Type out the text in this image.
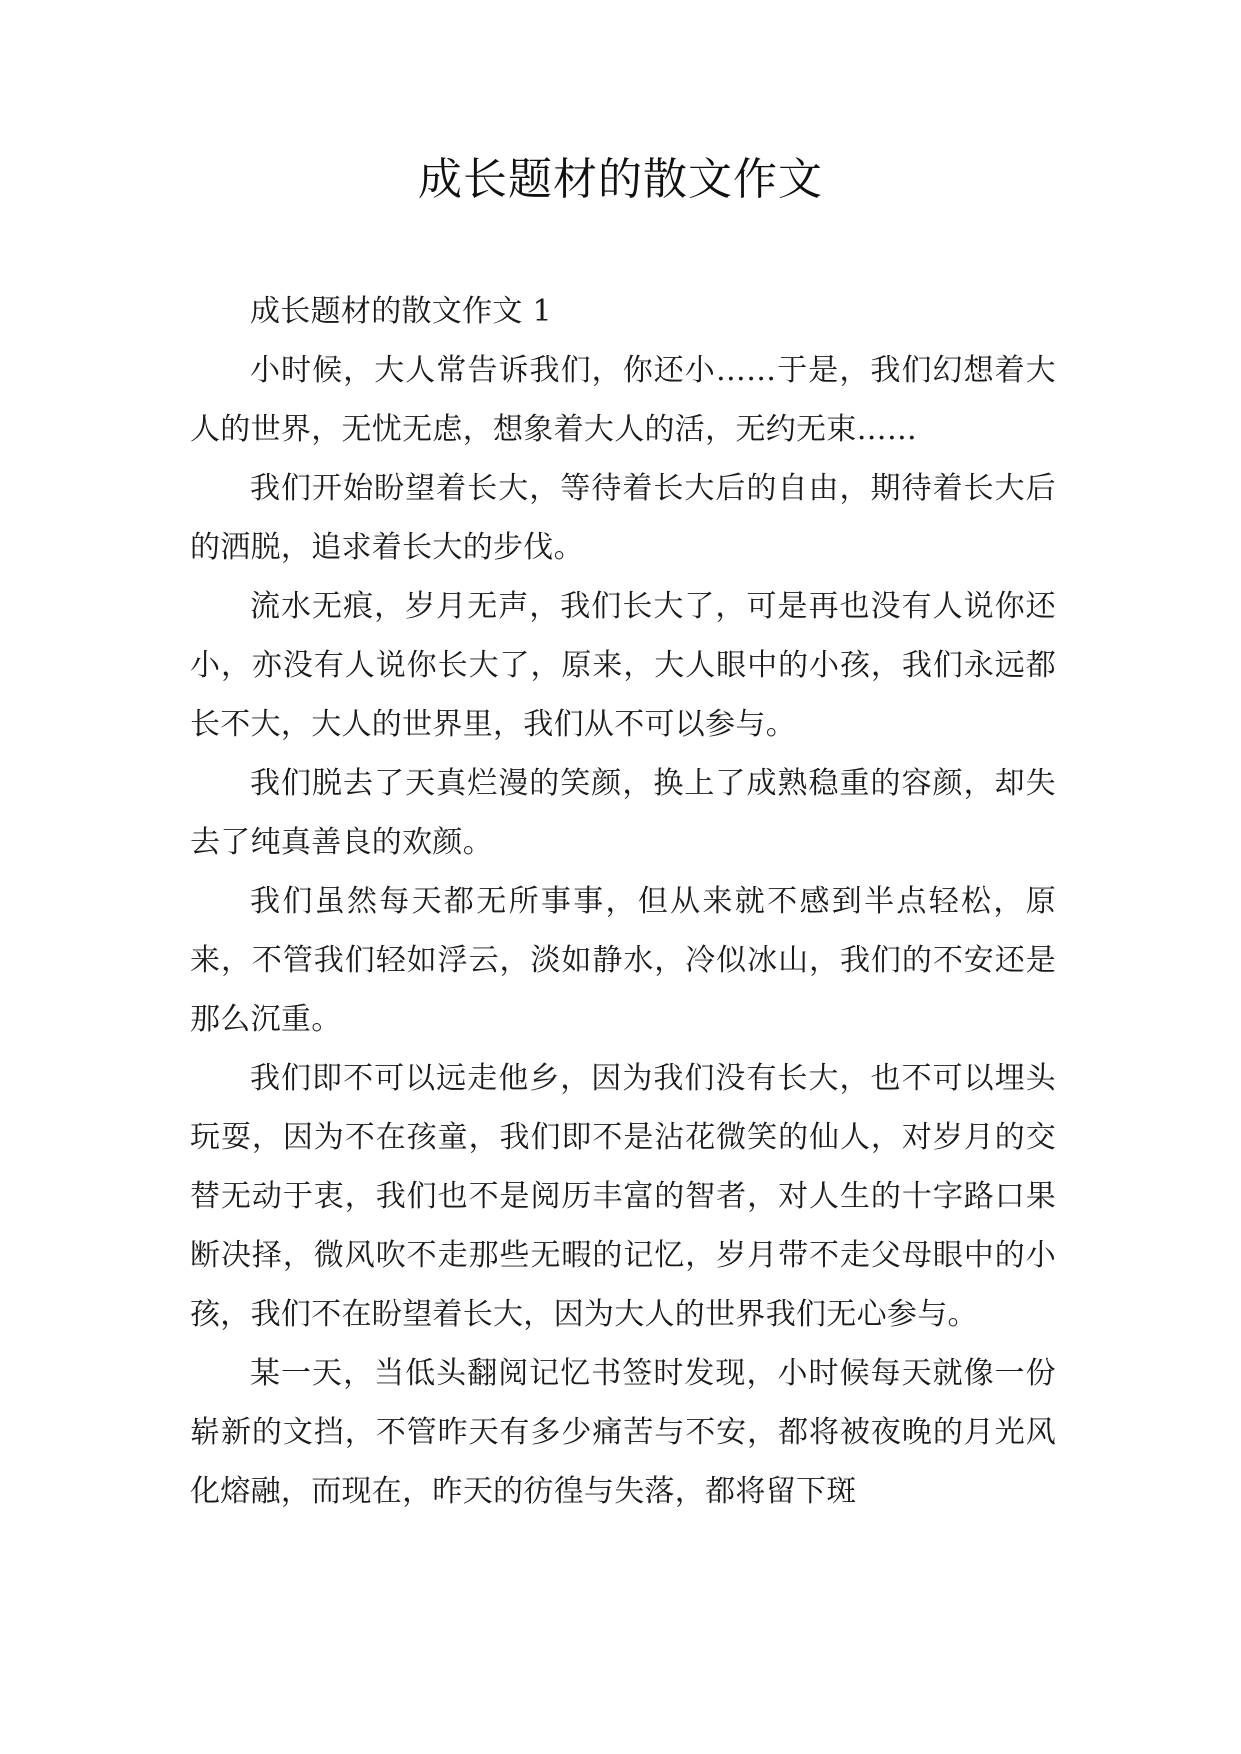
成长题材的散文作文

成长题材的散文作文 1

小时候，大人常告诉我们，你还小……于是，我们幻想着大人的世界，无忧无虑，想象着大人的活，无约无束……

我们开始盼望着长大，等待着长大后的自由，期待着长大后的洒脱，追求着长大的步伐。

流水无痕，岁月无声，我们长大了，可是再也没有人说你还小，亦没有人说你长大了，原来，大人眼中的小孩，我们永远都长不大，大人的世界里，我们从不可以参与。

我们脱去了天真烂漫的笑颜，换上了成熟稳重的容颜，却失去了纯真善良的欢颜。

我们虽然每天都无所事事，但从来就不感到半点轻松，原来，不管我们轻如浮云，淡如静水，冷似冰山，我们的不安还是那么沉重。

我们即不可以远走他乡，因为我们没有长大，也不可以埋头玩耍，因为不在孩童，我们即不是沾花微笑的仙人，对岁月的交替无动于衷，我们也不是阅历丰富的智者，对人生的十字路口果断决择，微风吹不走那些无暇的记忆，岁月带不走父母眼中的小孩，我们不在盼望着长大，因为大人的世界我们无心参与。

某一天，当低头翻阅记忆书签时发现，小时候每天就像一份崭新的文挡，不管昨天有多少痛苦与不安，都将被夜晚的月光风化熔融，而现在，昨天的彷徨与失落，都将留下斑
